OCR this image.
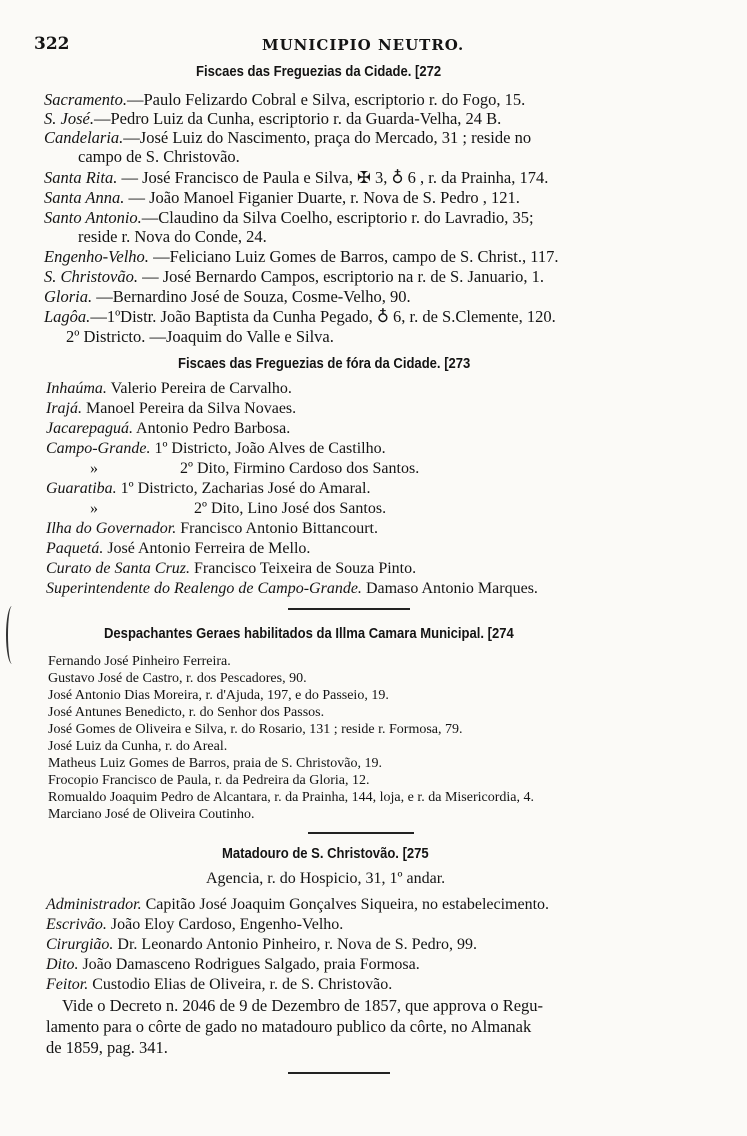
322	MUNICIPIO NEUTRO.
Fiscaes das Freguezias da Cidade. [272
Sacramento.—Paulo Felizardo Cobral e Silva, escriptorio r. do Fogo, 15.
S. José.—Pedro Luiz da Cunha, escriptorio r. da Guarda-Velha, 24 B.
Candelaria.—José Luiz do Nascimento, praça do Mercado, 31 ; reside no
campo de S. Christovão.
Santa Rita. — José Francisco de Paula e Silva, ✠ 3, ♁ 6 , r. da Prainha, 174.
Santa Anna. — João Manoel Figanier Duarte, r. Nova de S. Pedro , 121.
Santo Antonio.—Claudino da Silva Coelho, escriptorio r. do Lavradio, 35;
reside r. Nova do Conde, 24.
Engenho-Velho. —Feliciano Luiz Gomes de Barros, campo de S. Christ., 117.
S. Christovão. — José Bernardo Campos, escriptorio na r. de S. Januario, 1.
Gloria. —Bernardino José de Souza, Cosme-Velho, 90.
Lagôa.—1ºDistr. João Baptista da Cunha Pegado, ♁ 6, r. de S.Clemente, 120.
2º Districto. —Joaquim do Valle e Silva.
Fiscaes das Freguezias de fóra da Cidade. [273
Inhaúma. Valerio Pereira de Carvalho.
Irajá. Manoel Pereira da Silva Novaes.
Jacarepaguá. Antonio Pedro Barbosa.
Campo-Grande. 1º Districto, João Alves de Castilho.
»	2º Dito, Firmino Cardoso dos Santos.
Guaratiba. 1º Districto, Zacharias José do Amaral.
»	2º Dito, Lino José dos Santos.
Ilha do Governador. Francisco Antonio Bittancourt.
Paquetá. José Antonio Ferreira de Mello.
Curato de Santa Cruz. Francisco Teixeira de Souza Pinto.
Superintendente do Realengo de Campo-Grande. Damaso Antonio Marques.
Despachantes Geraes habilitados da Illma Camara Municipal. [274
Fernando José Pinheiro Ferreira.
Gustavo José de Castro, r. dos Pescadores, 90.
José Antonio Dias Moreira, r. d'Ajuda, 197, e do Passeio, 19.
José Antunes Benedicto, r. do Senhor dos Passos.
José Gomes de Oliveira e Silva, r. do Rosario, 131 ; reside r. Formosa, 79.
José Luiz da Cunha, r. do Areal.
Matheus Luiz Gomes de Barros, praia de S. Christovão, 19.
Frocopio Francisco de Paula, r. da Pedreira da Gloria, 12.
Romualdo Joaquim Pedro de Alcantara, r. da Prainha, 144, loja, e r. da Misericordia, 4.
Marciano José de Oliveira Coutinho.
Matadouro de S. Christovão. [275
Agencia, r. do Hospicio, 31, 1º andar.
Administrador. Capitão José Joaquim Gonçalves Siqueira, no estabelecimento.
Escrivão. João Eloy Cardoso, Engenho-Velho.
Cirurgião. Dr. Leonardo Antonio Pinheiro, r. Nova de S. Pedro, 99.
Dito. João Damasceno Rodrigues Salgado, praia Formosa.
Feitor. Custodio Elias de Oliveira, r. de S. Christovão.
Vide o Decreto n. 2046 de 9 de Dezembro de 1857, que approva o Regu-
lamento para o côrte de gado no matadouro publico da côrte, no Almanak
de 1859, pag. 341.
